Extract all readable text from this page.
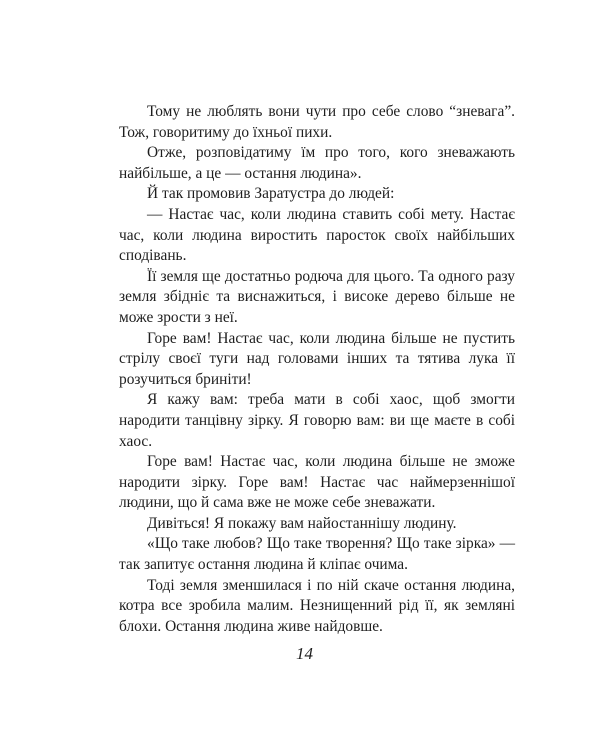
Тому не люблять вони чути про себе слово “зневага”. Тож, говоритиму до їхньої пихи.

Отже, розповідатиму їм про того, кого зневажають найбільше, а це — остання людина».

Й так промовив Заратустра до людей:

— Настає час, коли людина ставить собі мету. Настає час, коли людина виростить паросток своїх найбільших сподівань.

Її земля ще достатньо родюча для цього. Та одного разу земля збідніє та виснажиться, і високе дерево більше не може зрости з неї.

Горе вам! Настає час, коли людина більше не пустить стрілу своєї туги над головами інших та тятива лука її розучиться бриніти!

Я кажу вам: треба мати в собі хаос, щоб змогти народити танцівну зірку. Я говорю вам: ви ще маєте в собі хаос.

Горе вам! Настає час, коли людина більше не зможе народити зірку. Горе вам! Настає час наймерзеннішої людини, що й сама вже не може себе зневажати.

Дивіться! Я покажу вам найостаннішу людину.

«Що таке любов? Що таке творення? Що таке зірка» — так запитує остання людина й кліпає очима.

Тоді земля зменшилася і по ній скаче остання людина, котра все зробила малим. Незнищенний рід її, як земляні блохи. Остання людина живе найдовше.

14
